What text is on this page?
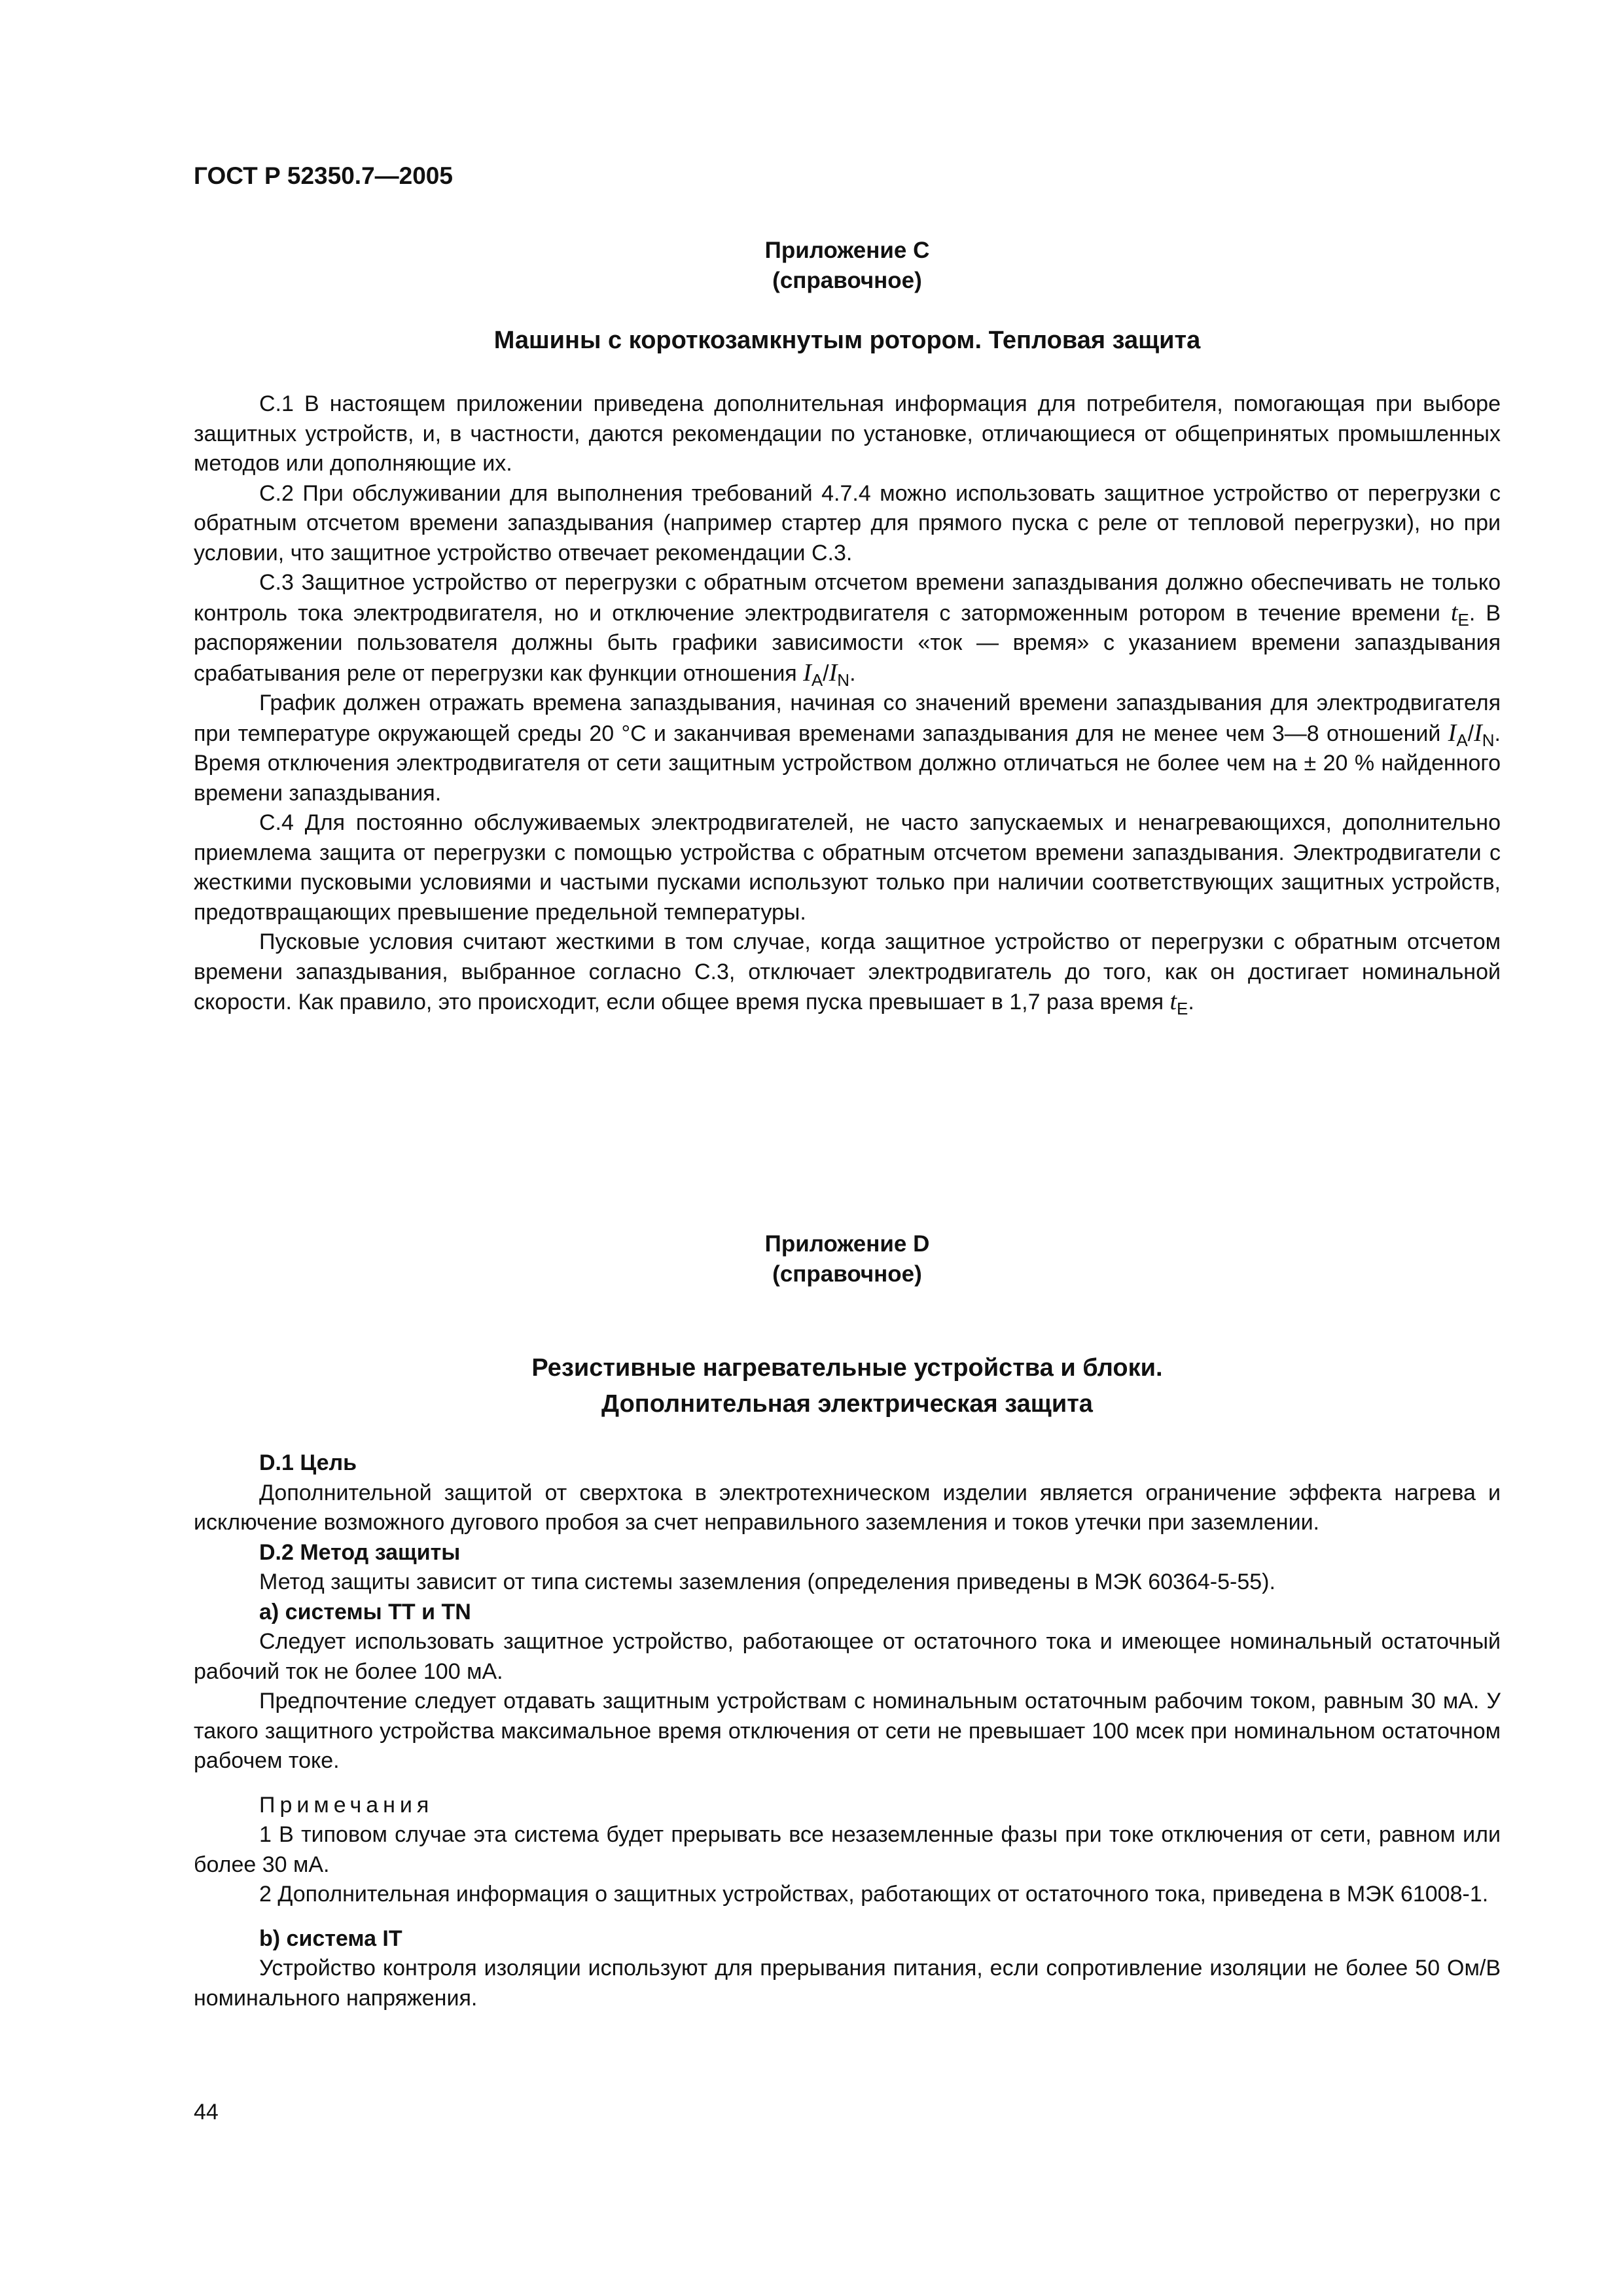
ГОСТ Р 52350.7—2005
Приложение C
(справочное)
Машины с короткозамкнутым ротором. Тепловая защита

C.1 В настоящем приложении приведена дополнительная информация для потребителя, помогающая при выборе защитных устройств, и, в частности, даются рекомендации по установке, отличающиеся от общепринятых промышленных методов или дополняющие их.

C.2 При обслуживании для выполнения требований 4.7.4 можно использовать защитное устройство от перегрузки с обратным отсчетом времени запаздывания (например стартер для прямого пуска с реле от тепловой перегрузки), но при условии, что защитное устройство отвечает рекомендации С.3.

C.3 Защитное устройство от перегрузки с обратным отсчетом времени запаздывания должно обеспечивать не только контроль тока электродвигателя, но и отключение электродвигателя с заторможенным ротором в течение времени $t_E$. В распоряжении пользователя должны быть графики зависимости «ток — время» с указанием времени запаздывания срабатывания реле от перегрузки как функции отношения $I_A/I_N$.

График должен отражать времена запаздывания, начиная со значений времени запаздывания для электродвигателя при температуре окружающей среды 20 °C и заканчивая временами запаздывания для не менее чем 3—8 отношений $I_A/I_N$. Время отключения электродвигателя от сети защитным устройством должно отличаться не более чем на ± 20 % найденного времени запаздывания.

C.4 Для постоянно обслуживаемых электродвигателей, не часто запускаемых и ненагревающихся, дополнительно приемлема защита от перегрузки с помощью устройства с обратным отсчетом времени запаздывания. Электродвигатели с жесткими пусковыми условиями и частыми пусками используют только при наличии соответствующих защитных устройств, предотвращающих превышение предельной температуры.

Пусковые условия считают жесткими в том случае, когда защитное устройство от перегрузки с обратным отсчетом времени запаздывания, выбранное согласно С.3, отключает электродвигатель до того, как он достигает номинальной скорости. Как правило, это происходит, если общее время пуска превышает в 1,7 раза время $t_E$.

Приложение D
(справочное)
Резистивные нагревательные устройства и блоки.
Дополнительная электрическая защита
D.1 Цель

Дополнительной защитой от сверхтока в электротехническом изделии является ограничение эффекта нагрева и исключение возможного дугового пробоя за счет неправильного заземления и токов утечки при заземлении.

D.2 Метод защиты

Метод защиты зависит от типа системы заземления (определения приведены в МЭК 60364-5-55).

a) системы TT и TN

Следует использовать защитное устройство, работающее от остаточного тока и имеющее номинальный остаточный рабочий ток не более 100 мА.

Предпочтение следует отдавать защитным устройствам с номинальным остаточным рабочим током, равным 30 мА. У такого защитного устройства максимальное время отключения от сети не превышает 100 мсек при номинальном остаточном рабочем токе.

Примечания

1 В типовом случае эта система будет прерывать все незаземленные фазы при токе отключения от сети, равном или более 30 мА.

2 Дополнительная информация о защитных устройствах, работающих от остаточного тока, приведена в МЭК 61008-1.

b) система IT

Устройство контроля изоляции используют для прерывания питания, если сопротивление изоляции не более 50 Ом/В номинального напряжения.

44
